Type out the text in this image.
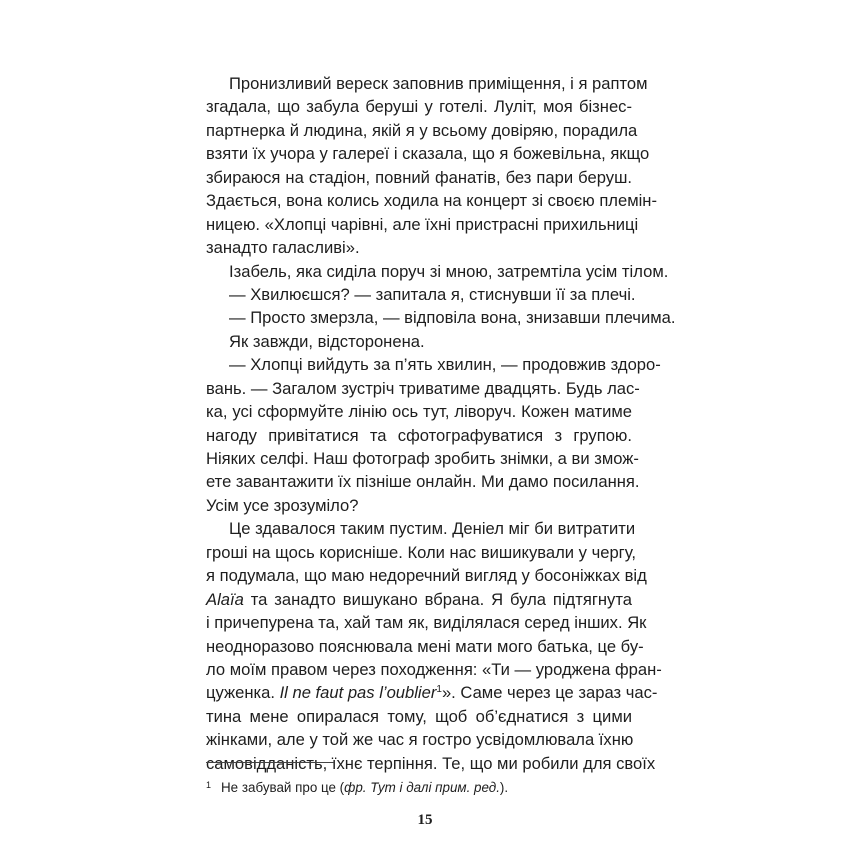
Пронизливий вереск заповнив приміщення, і я раптом
згадала, що забула беруші у готелі. Луліт, моя бізнес-
партнерка й людина, якій я у всьому довіряю, порадила
взяти їх учора у галереї і сказала, що я божевільна, якщо
збираюся на стадіон, повний фанатів, без пари беруш.
Здається, вона колись ходила на концерт зі своєю племін-
ницею. «Хлопці чарівні, але їхні пристрасні прихильниці
занадто галасливі».
Ізабель, яка сиділа поруч зі мною, затремтіла усім тілом.
— Хвилюєшся? — запитала я, стиснувши її за плечі.
— Просто змерзла, — відповіла вона, знизавши плечима.
Як завжди, відсторонена.
— Хлопці вийдуть за п’ять хвилин, — продовжив здоро-
вань. — Загалом зустріч триватиме двадцять. Будь лас-
ка, усі сформуйте лінію ось тут, ліворуч. Кожен матиме
нагоду привітатися та сфотографуватися з групою.
Ніяких селфі. Наш фотограф зробить знімки, а ви змож-
ете завантажити їх пізніше онлайн. Ми дамо посилання.
Усім усе зрозуміло?
Це здавалося таким пустим. Деніел міг би витратити
гроші на щось корисніше. Коли нас вишикували у чергу,
я подумала, що маю недоречний вигляд у босоніжках від
Alaïa та занадто вишукано вбрана. Я була підтягнута
і причепурена та, хай там як, виділялася серед інших. Як
неодноразово пояснювала мені мати мого батька, це бу-
ло моїм правом через походження: «Ти — уроджена фран-
цуженка. Il ne faut pas l’oublier$^1$». Саме через це зараз час-
тина мене опиралася тому, щоб об’єднатися з цими
жінками, але у той же час я гостро усвідомлювала їхню
самовідданість, їхнє терпіння. Те, що ми робили для своїх
$^1$ Не забувай про це (фр. Тут і далі прим. ред.).
15
